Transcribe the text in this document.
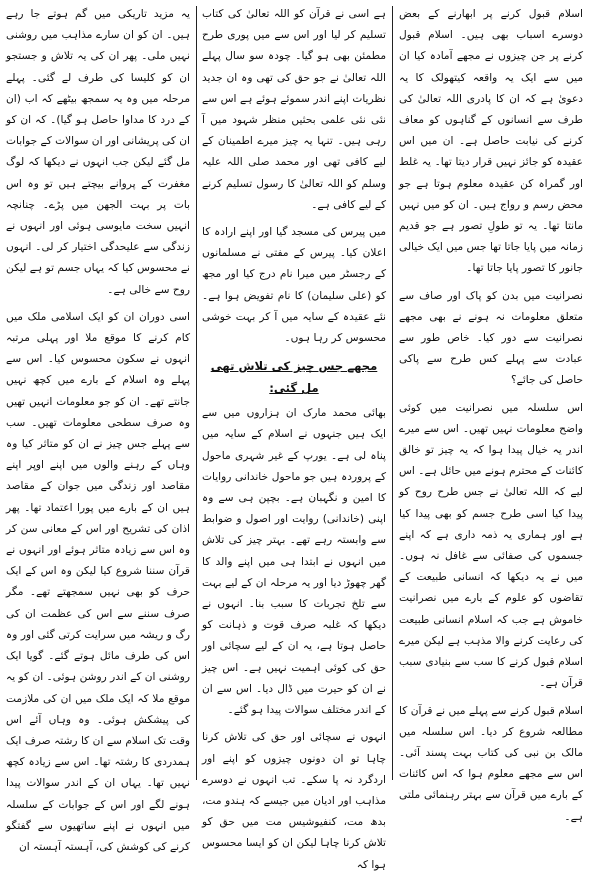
اسلام قبول کرنے پر ابھارنے کے بعض دوسرے اسباب بھی ہیں۔ اسلام قبول کرنے پر جن چیزوں نے مجھے آمادہ کیا ان میں سے ایک یہ واقعہ کیتھولک کا یہ دعویٰ ہے کہ ان کا پادری اللہ تعالیٰ کی طرف سے انسانوں کے گناہوں کو معاف کرنے کی نیابت حاصل ہے۔ ان میں اس عقیدہ کو جائز نہیں قرار دیتا تھا۔ یہ غلط اور گمراہ کن عقیدہ معلوم ہوتا ہے جو محض رسم و رواج ہیں۔ ان کو میں نہیں مانتا تھا۔ یہ تو طولِ تصور ہے جو قدیم زمانہ میں پایا جاتا تھا جس میں ایک خیالی جانور کا تصور پایا جاتا تھا۔

نصرانیت میں بدن کو پاک اور صاف سے متعلق معلومات نہ ہونے نے بھی مجھے نصرانیت سے دور کیا۔ خاص طور سے عبادت سے پہلے کس طرح سے پاکی حاصل کی جائے؟

اس سلسلہ میں نصرانیت میں کوئی واضح معلومات نہیں تھیں۔ اس سے میرے اندر یہ خیال پیدا ہوا کہ یہ چیز تو خالق کائنات کے محترم ہونے میں حائل ہے۔ اس لیے کہ اللہ تعالیٰ نے جس طرح روح کو پیدا کیا اسی طرح جسم کو بھی پیدا کیا ہے اور ہماری یہ ذمہ داری ہے کہ اپنے جسموں کی صفائی سے غافل نہ ہوں۔ میں نے یہ دیکھا کہ انسانی طبیعت کے تقاضوں کو علوم کے بارے میں نصرانیت خاموش ہے جب کہ اسلام انسانی طبیعت کی رعایت کرنے والا مذہب ہے لیکن میرے اسلام قبول کرنے کا سب سے بنیادی سبب قرآن ہے۔

اسلام قبول کرنے سے پہلے میں نے قرآن کا مطالعہ شروع کر دیا۔ اس سلسلہ میں مالک بن نبی کی کتاب بہت پسند آئی۔ اس سے مجھے معلوم ہوا کہ اس کائنات کے بارے میں قرآن سے بہتر رہنمائی ملتی ہے۔

ہے اسی نے قرآن کو اللہ تعالیٰ کی کتاب تسلیم کر لیا اور اس سے میں پوری طرح مطمئن بھی ہو گیا۔ چودہ سو سال پہلے اللہ تعالیٰ نے جو حق کی تھی وہ ان جدید نظریات اپنے اندر سموئے ہوئے ہے اس سے نئی نئی علمی بحثیں منظر شہود میں آ رہی ہیں۔ تنہا یہ چیز میرے اطمینان کے لیے کافی تھی اور محمد صلی اللہ علیہ وسلم کو اللہ تعالیٰ کا رسول تسلیم کرنے کے لیے کافی ہے۔

میں پیرس کی مسجد گیا اور اپنے ارادہ کا اعلان کیا۔ پیرس کے مفتی نے مسلمانوں کے رجسٹر میں میرا نام درج کیا اور مجھ کو (علی سلیمان) کا نام تفویض ہوا ہے۔ نئے عقیدہ کے سایہ میں آ کر بہت خوشی محسوس کر رہا ہوں۔

مجھے جس چیز کی تلاش تھی مل گئی:

بھائی محمد مارک ان ہزاروں میں سے ایک ہیں جنہوں نے اسلام کے سایہ میں پناہ لی ہے۔ یورپ کے غیر شہری ماحول کے پروردہ ہیں جو ماحول خاندانی روایات کا امین و نگہبان ہے۔ بچپن ہی سے وہ اپنی (خاندانی) روایت اور اصول و ضوابط سے وابستہ رہے تھے۔ بہتر چیز کی تلاش میں انہوں نے ابتدا ہی میں اپنے والد کا گھر چھوڑ دیا اور یہ مرحلہ ان کے لیے بہت سے تلخ تجربات کا سبب بنا۔ انہوں نے دیکھا کہ غلبہ صرف قوت و ذہانت کو حاصل ہوتا ہے، یہ ان کے لیے سچائی اور حق کی کوئی اہمیت نہیں ہے۔ اس چیز نے ان کو حیرت میں ڈال دیا۔ اس سے ان کے اندر مختلف سوالات پیدا ہو گئے۔

انہوں نے سچائی اور حق کی تلاش کرنا چاہا تو ان دونوں چیزوں کو اپنے اور اردگرد نہ پا سکے۔ تب انہوں نے دوسرے مذاہب اور ادیان میں جیسے کہ ہندو مت، بدھ مت، کنفیوشیس مت میں حق کو تلاش کرنا چاہا لیکن ان کو ایسا محسوس ہوا کہ

یہ مزید تاریکی میں گم ہوتے جا رہے ہیں۔ ان کو ان سارے مذاہب میں روشنی نہیں ملی۔ پھر ان کی یہ تلاش و جستجو ان کو کلیسا کی طرف لے گئی۔ پہلے مرحلہ میں وہ یہ سمجھ بیٹھے کہ اب (ان کے درد کا مداوا حاصل ہو گیا)۔ کہ ان کو ان کی پریشانی اور ان سوالات کے جوابات مل گئے لیکن جب انہوں نے دیکھا کہ لوگ مغفرت کے پروانے بیچتے ہیں تو وہ اس بات پر بہت الجھن میں پڑے۔ چنانچہ انہیں سخت مایوسی ہوئی اور انہوں نے زندگی سے علیحدگی اختیار کر لی۔ انہوں نے محسوس کیا کہ یہاں جسم تو ہے لیکن روح سے خالی ہے۔

اسی دوران ان کو ایک اسلامی ملک میں کام کرنے کا موقع ملا اور پہلی مرتبہ انہوں نے سکون محسوس کیا۔ اس سے پہلے وہ اسلام کے بارے میں کچھ نہیں جانتے تھے۔ ان کو جو معلومات انہیں تھیں وہ صرف سطحی معلومات تھیں۔ سب سے پہلے جس چیز نے ان کو متاثر کیا وہ وہاں کے رہنے والوں میں اپنے اوپر اپنے مقاصد اور زندگی میں جوان کے مقاصد ہیں ان کے بارے میں پورا اعتماد تھا۔ پھر اذان کی تشریح اور اس کے معانی سن کر وہ اس سے زیادہ متاثر ہوئے اور انہوں نے قرآن سننا شروع کیا لیکن وہ اس کے ایک حرف کو بھی نہیں سمجھتے تھے۔ مگر صرف سننے سے اس کی عظمت ان کی رگ و ریشہ میں سرایت کرتی گئی اور وہ اس کی طرف مائل ہوتے گئے۔ گویا ایک روشنی ان کے اندر روشن ہوئی۔ ان کو یہ موقع ملا کہ ایک ملک میں ان کی ملازمت کی پیشکش ہوئی۔ وہ وہاں آئے اس وقت تک اسلام سے ان کا رشتہ صرف ایک ہمدردی کا رشتہ تھا۔ اس سے زیادہ کچھ نہیں تھا۔ یہاں ان کے اندر سوالات پیدا ہونے لگے اور اس کے جوابات کے سلسلہ میں انہوں نے اپنے ساتھیوں سے گفتگو کرنے کی کوشش کی، آہستہ آہستہ ان
